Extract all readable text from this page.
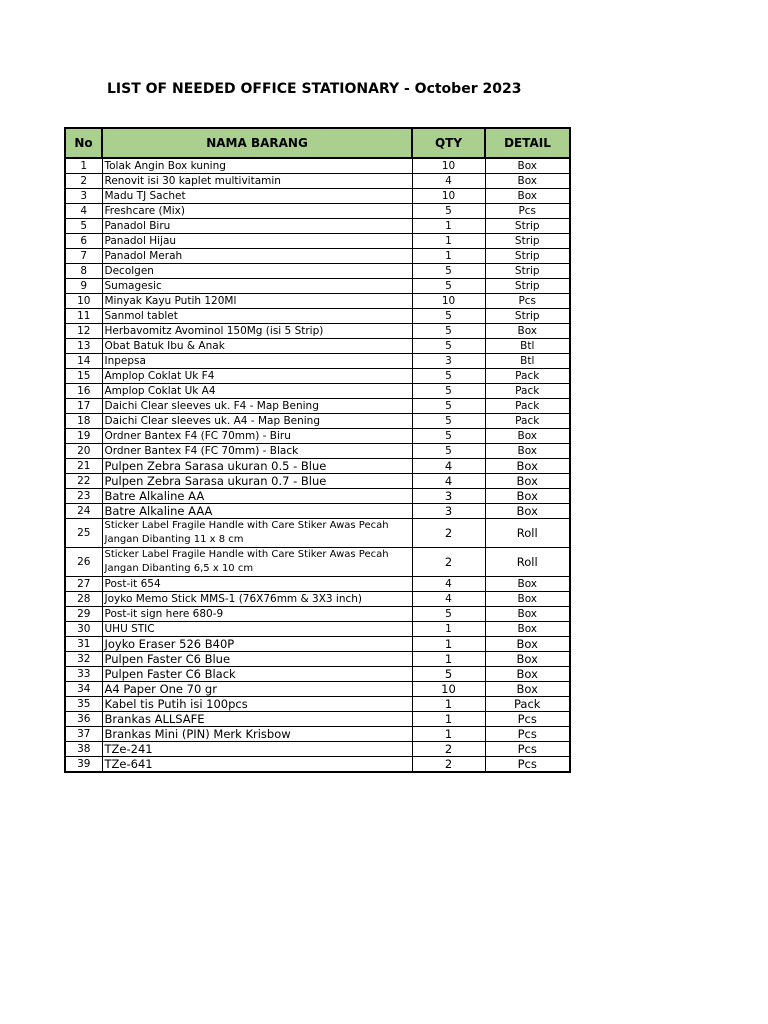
LIST OF NEEDED OFFICE STATIONARY - October 2023
No	NAMA BARANG	QTY	DETAIL
1	Tolak Angin Box kuning	10	Box
2	Renovit isi 30 kaplet multivitamin	4	Box
3	Madu TJ Sachet	10	Box
4	Freshcare (Mix)	5	Pcs
5	Panadol Biru	1	Strip
6	Panadol Hijau	1	Strip
7	Panadol Merah	1	Strip
8	Decolgen	5	Strip
9	Sumagesic	5	Strip
10	Minyak Kayu Putih 120Ml	10	Pcs
11	Sanmol tablet	5	Strip
12	Herbavomitz Avominol 150Mg (isi 5 Strip)	5	Box
13	Obat Batuk Ibu & Anak	5	Btl
14	Inpepsa	3	Btl
15	Amplop Coklat Uk F4	5	Pack
16	Amplop Coklat Uk A4	5	Pack
17	Daichi Clear sleeves uk. F4 - Map Bening	5	Pack
18	Daichi Clear sleeves uk. A4 - Map Bening	5	Pack
19	Ordner Bantex F4 (FC 70mm) - Biru	5	Box
20	Ordner Bantex F4 (FC 70mm) - Black	5	Box
21	Pulpen Zebra Sarasa ukuran 0.5 - Blue	4	Box
22	Pulpen Zebra Sarasa ukuran 0.7 - Blue	4	Box
23	Batre Alkaline AA	3	Box
24	Batre Alkaline AAA	3	Box
25	Sticker Label Fragile Handle with Care Stiker Awas Pecah Jangan Dibanting 11 x 8 cm	2	Roll
26	Sticker Label Fragile Handle with Care Stiker Awas Pecah Jangan Dibanting 6,5 x 10 cm	2	Roll
27	Post-it 654	4	Box
28	Joyko Memo Stick MMS-1 (76X76mm & 3X3 inch)	4	Box
29	Post-it sign here 680-9	5	Box
30	UHU STIC	1	Box
31	Joyko Eraser 526 B40P	1	Box
32	Pulpen Faster C6 Blue	1	Box
33	Pulpen Faster C6 Black	5	Box
34	A4 Paper One 70 gr	10	Box
35	Kabel tis Putih isi 100pcs	1	Pack
36	Brankas ALLSAFE	1	Pcs
37	Brankas Mini (PIN) Merk Krisbow	1	Pcs
38	TZe-241	2	Pcs
39	TZe-641	2	Pcs
